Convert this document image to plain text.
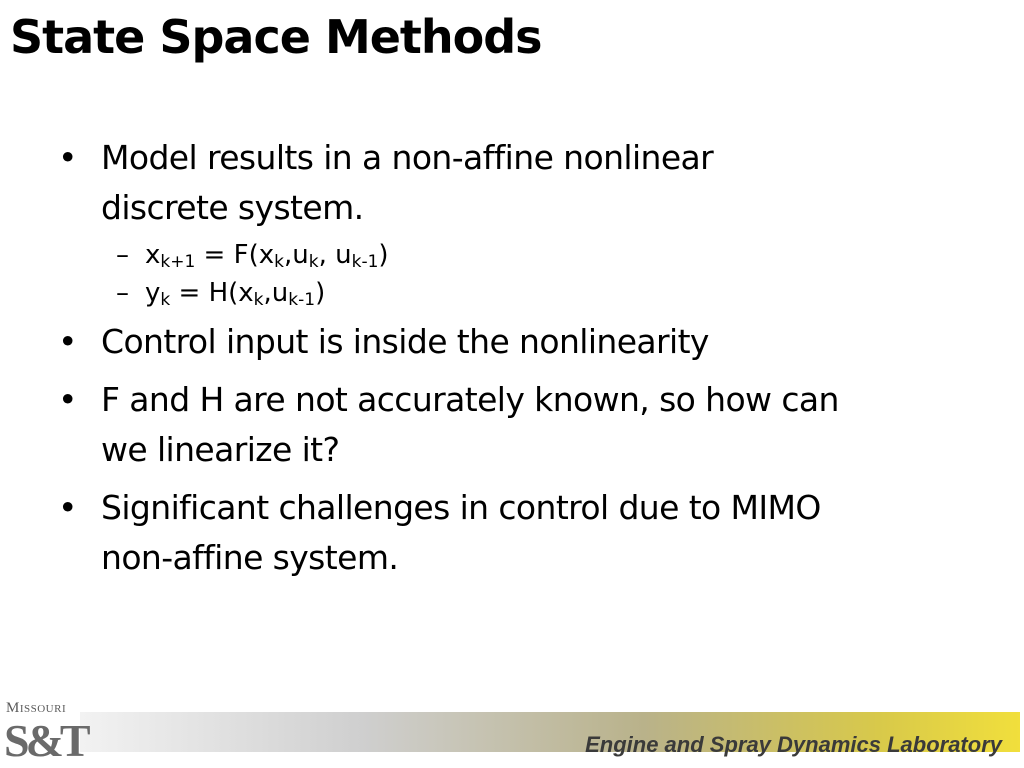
State Space Methods
• Model results in a non-affine nonlinear
discrete system.
– $x_{k+1} = F(x_k,u_k$, $u_{k-1}$)
– $y_k = H(x_k,u_{k-1})$
• Control input is inside the nonlinearity
• F and H are not accurately known, so how can
we linearize it?
• Significant challenges in control due to MIMO
non-affine system.
Engine and Spray Dynamics Laboratory
Missouri
S&T
